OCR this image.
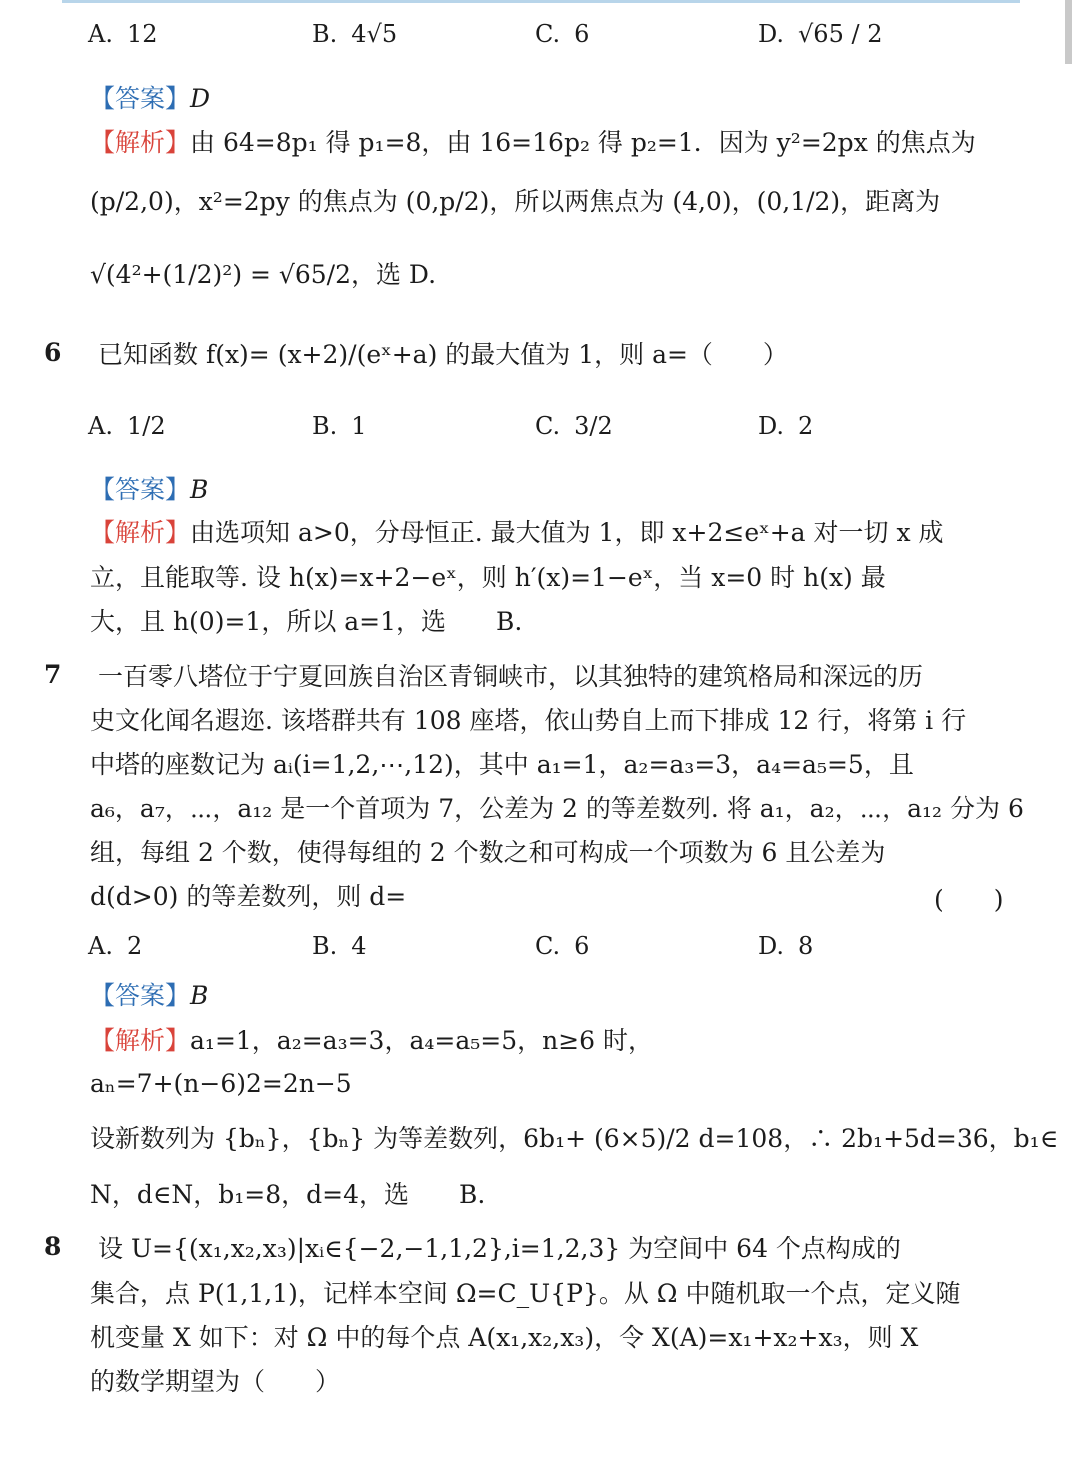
A. 12	B. 4√5	C. 6	D. √65 / 2
【答案】D
【解析】由 64=8p₁ 得 p₁=8，由 16=16p₂ 得 p₂=1．因为 y²=2px 的焦点为
(p/2,0)，x²=2py 的焦点为 (0,p/2)，所以两焦点为 (4,0)，(0,1/2)，距离为
√(4²+(1/2)²) = √65/2，选 D.
6 已知函数 f(x)= (x+2)/(eˣ+a) 的最大值为 1，则 a=（　　）
A. 1/2	B. 1	C. 3/2	D. 2
【答案】B
【解析】由选项知 a>0，分母恒正. 最大值为 1，即 x+2≤eˣ+a 对一切 x 成
立，且能取等. 设 h(x)=x+2−eˣ，则 h′(x)=1−eˣ，当 x=0 时 h(x) 最
大，且 h(0)=1，所以 a=1，选　　B.
7 一百零八塔位于宁夏回族自治区青铜峡市，以其独特的建筑格局和深远的历
史文化闻名遐迩. 该塔群共有 108 座塔，依山势自上而下排成 12 行，将第 i 行
中塔的座数记为 aᵢ(i=1,2,⋯,12)，其中 a₁=1，a₂=a₃=3，a₄=a₅=5，且
a₆，a₇，⋯，a₁₂ 是一个首项为 7，公差为 2 的等差数列. 将 a₁，a₂，⋯，a₁₂ 分为 6
组，每组 2 个数，使得每组的 2 个数之和可构成一个项数为 6 且公差为
d(d>0) 的等差数列，则 d=	(　　)
A. 2	B. 4	C. 6	D. 8
【答案】B
【解析】a₁=1，a₂=a₃=3，a₄=a₅=5，n≥6 时，
aₙ=7+(n−6)2=2n−5
设新数列为 {bₙ}，{bₙ} 为等差数列，6b₁+ (6×5)/2 d=108，∴ 2b₁+5d=36，b₁∈
N，d∈N，b₁=8，d=4，选　　B.
8 设 U={(x₁,x₂,x₃)|xᵢ∈{−2,−1,1,2},i=1,2,3} 为空间中 64 个点构成的
集合，点 P(1,1,1)，记样本空间 Ω=C_U{P}。从 Ω 中随机取一个点，定义随
机变量 X 如下：对 Ω 中的每个点 A(x₁,x₂,x₃)，令 X(A)=x₁+x₂+x₃，则 X
的数学期望为（　　）
